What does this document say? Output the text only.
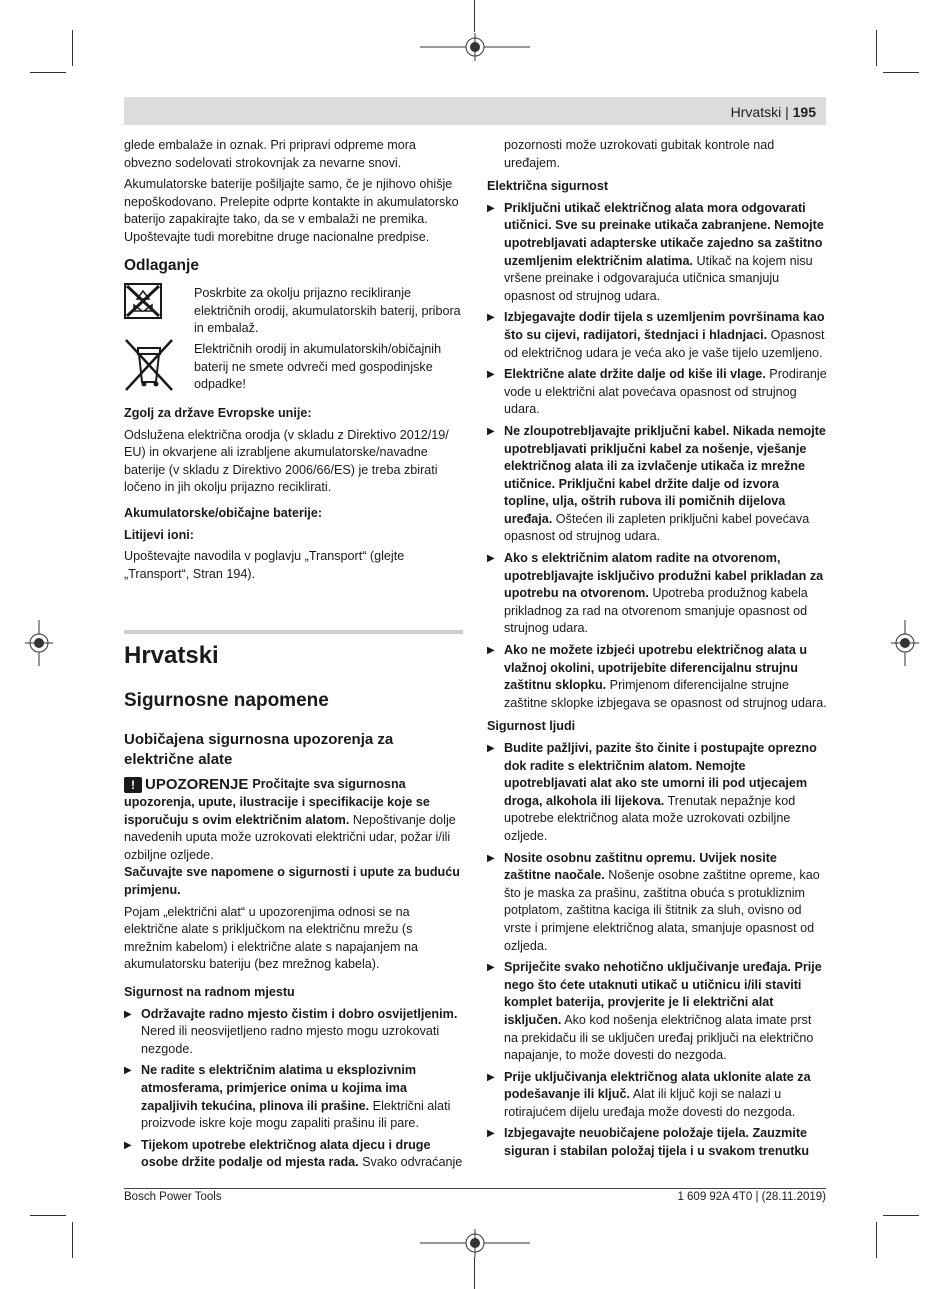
Hrvatski | 195

glede embalaže in oznak. Pri pripravi odpreme mora obvezno sodelovati strokovnjak za nevarne snovi.

Akumulatorske baterije pošiljajte samo, če je njihovo ohišje nepoškodovano. Prelepite odprte kontakte in akumulatorsko baterijo zapakirajte tako, da se v embalaži ne premika. Upoštevajte tudi morebitne druge nacionalne predpise.

Odlaganje

Poskrbite za okolju prijazno recikliranje električnih orodij, akumulatorskih baterij, pribora in embalaž.
Električnih orodij in akumulatorskih/običajnih baterij ne smete odvreči med gospodinjske odpadke!

Zgolj za države Evropske unije:

Odslužena električna orodja (v skladu z Direktivo 2012/19/ EU) in okvarjene ali izrabljene akumulatorske/navadne baterije (v skladu z Direktivo 2006/66/ES) je treba zbirati ločeno in jih okolju prijazno reciklirati.

Akumulatorske/običajne baterije:

Litijevi ioni:

Upoštevajte navodila v poglavju „Transport“ (glejte „Transport“, Stran 194).

Hrvatski
Sigurnosne napomene
Uobičajena sigurnosna upozorenja za električne alate

! UPOZORENJE Pročitajte sva sigurnosna upozorenja, upute, ilustracije i specifikacije koje se isporučuju s ovim električnim alatom. Nepoštivanje dolje navedenih uputa može uzrokovati električni udar, požar i/ili ozbiljne ozljede.

Sačuvajte sve napomene o sigurnosti i upute za buduću primjenu.

Pojam „električni alat“ u upozorenjima odnosi se na električne alate s priključkom na električnu mrežu (s mrežnim kabelom) i električne alate s napajanjem na akumulatorsku bateriju (bez mrežnog kabela).

Sigurnost na radnom mjestu

▶ Održavajte radno mjesto čistim i dobro osvijetljenim. Nered ili neosvijetljeno radno mjesto mogu uzrokovati nezgode.
▶ Ne radite s električnim alatima u eksplozivnim atmosferama, primjerice onima u kojima ima zapaljivih tekućina, plinova ili prašine. Električni alati proizvode iskre koje mogu zapaliti prašinu ili pare.
▶ Tijekom upotrebe električnog alata djecu i druge osobe držite podalje od mjesta rada. Svako odvraćanje

pozornosti može uzrokovati gubitak kontrole nad uređajem.

Električna sigurnost

▶ Priključni utikač električnog alata mora odgovarati utičnici. Sve su preinake utikača zabranjene. Nemojte upotrebljavati adapterske utikače zajedno sa zaštitno uzemljenim električnim alatima. Utikač na kojem nisu vršene preinake i odgovarajuća utičnica smanjuju opasnost od strujnog udara.
▶ Izbjegavajte dodir tijela s uzemljenim površinama kao što su cijevi, radijatori, štednjaci i hladnjaci. Opasnost od električnog udara je veća ako je vaše tijelo uzemljeno.
▶ Električne alate držite dalje od kiše ili vlage. Prodiranje vode u električni alat povećava opasnost od strujnog udara.
▶ Ne zloupotrebljavajte priključni kabel. Nikada nemojte upotrebljavati priključni kabel za nošenje, vješanje električnog alata ili za izvlačenje utikača iz mrežne utičnice. Priključni kabel držite dalje od izvora topline, ulja, oštrih rubova ili pomičnih dijelova uređaja. Oštećen ili zapleten priključni kabel povećava opasnost od strujnog udara.
▶ Ako s električnim alatom radite na otvorenom, upotrebljavajte isključivo produžni kabel prikladan za upotrebu na otvorenom. Upotreba produžnog kabela prikladnog za rad na otvorenom smanjuje opasnost od strujnog udara.
▶ Ako ne možete izbjeći upotrebu električnog alata u vlažnoj okolini, upotrijebite diferencijalnu strujnu zaštitnu sklopku. Primjenom diferencijalne strujne zaštitne sklopke izbjegava se opasnost od strujnog udara.

Sigurnost ljudi

▶ Budite pažljivi, pazite što činite i postupajte oprezno dok radite s električnim alatom. Nemojte upotrebljavati alat ako ste umorni ili pod utjecajem droga, alkohola ili lijekova. Trenutak nepažnje kod upotrebe električnog alata može uzrokovati ozbiljne ozljede.
▶ Nosite osobnu zaštitnu opremu. Uvijek nosite zaštitne naočale. Nošenje osobne zaštitne opreme, kao što je maska za prašinu, zaštitna obuća s protukliznim potplatom, zaštitna kaciga ili štitnik za sluh, ovisno od vrste i primjene električnog alata, smanjuje opasnost od ozljeda.
▶ Spriječite svako nehotično uključivanje uređaja. Prije nego što ćete utaknuti utikač u utičnicu i/ili staviti komplet baterija, provjerite je li električni alat isključen. Ako kod nošenja električnog alata imate prst na prekidaču ili se uključen uređaj priključi na električno napajanje, to može dovesti do nezgoda.
▶ Prije uključivanja električnog alata uklonite alate za podešavanje ili ključ. Alat ili ključ koji se nalazi u rotirajućem dijelu uređaja može dovesti do nezgoda.
▶ Izbjegavajte neuobičajene položaje tijela. Zauzmite siguran i stabilan položaj tijela i u svakom trenutku
Bosch Power Tools	1 609 92A 4T0 | (28.11.2019)
